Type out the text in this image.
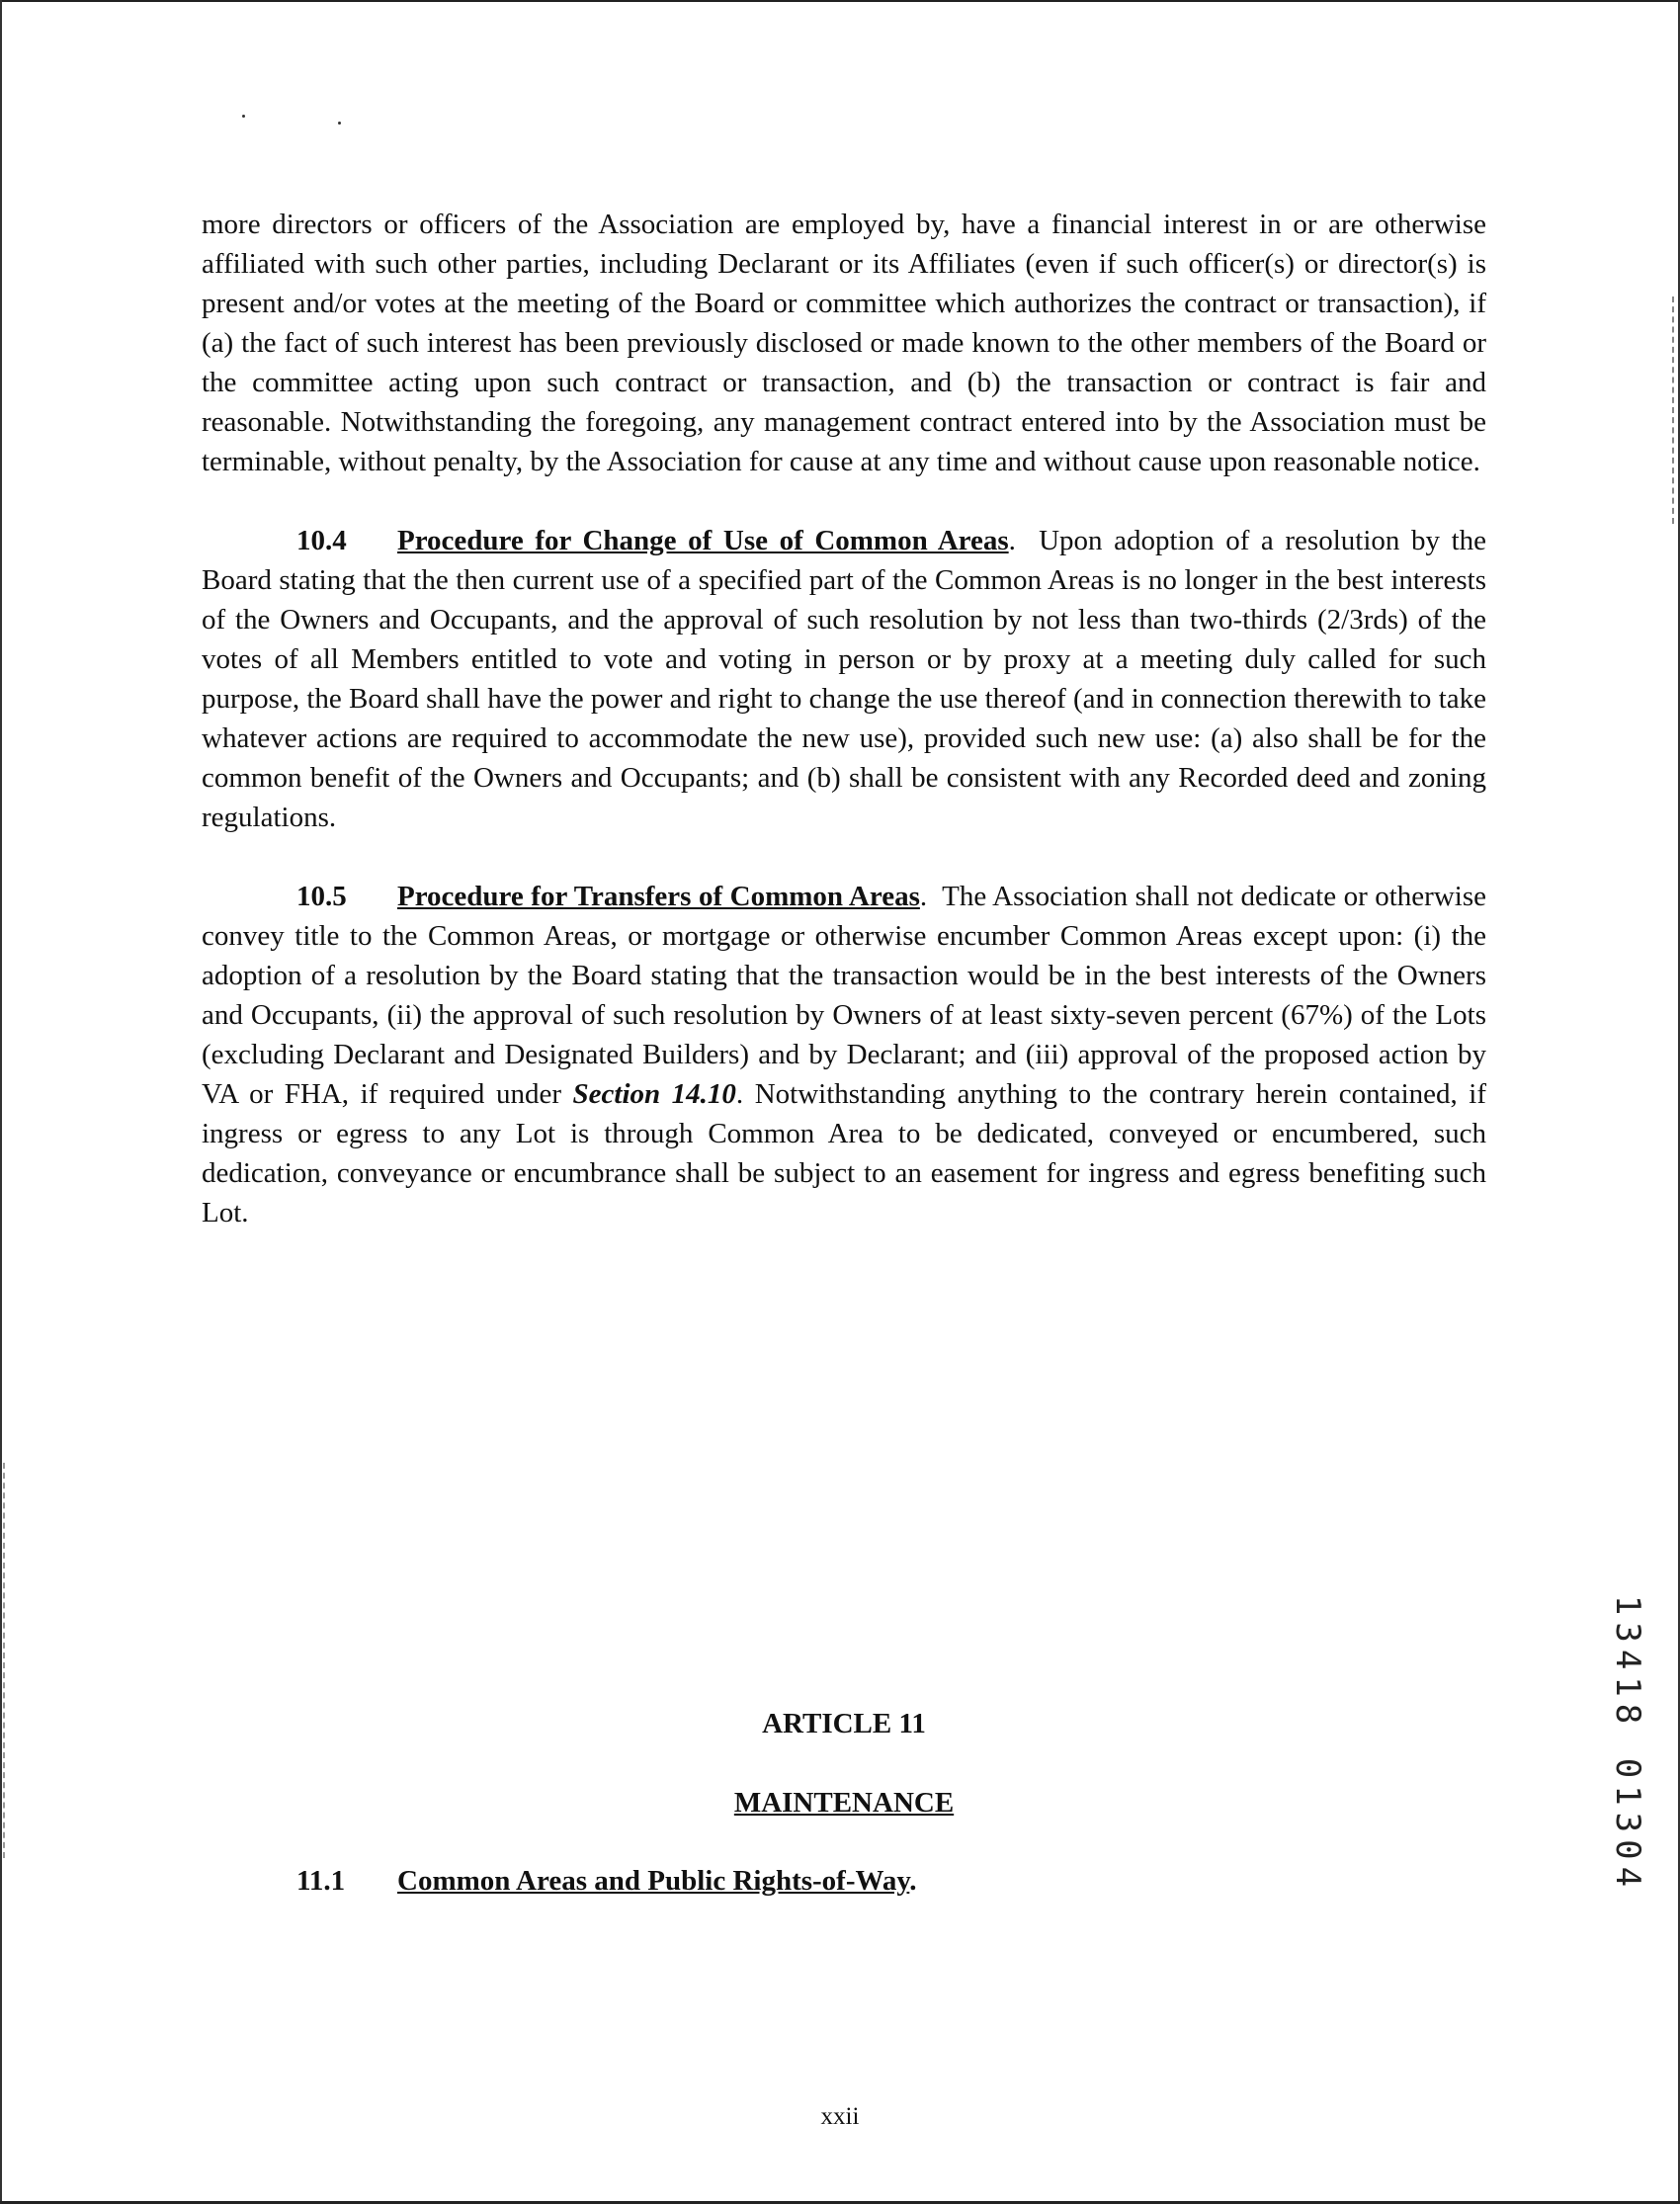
more directors or officers of the Association are employed by, have a financial interest in or are otherwise affiliated with such other parties, including Declarant or its Affiliates (even if such officer(s) or director(s) is present and/or votes at the meeting of the Board or committee which authorizes the contract or transaction), if (a) the fact of such interest has been previously disclosed or made known to the other members of the Board or the committee acting upon such contract or transaction, and (b) the transaction or contract is fair and reasonable. Notwithstanding the foregoing, any management contract entered into by the Association must be terminable, without penalty, by the Association for cause at any time and without cause upon reasonable notice.

10.4 Procedure for Change of Use of Common Areas. Upon adoption of a resolution by the Board stating that the then current use of a specified part of the Common Areas is no longer in the best interests of the Owners and Occupants, and the approval of such resolution by not less than two-thirds (2/3rds) of the votes of all Members entitled to vote and voting in person or by proxy at a meeting duly called for such purpose, the Board shall have the power and right to change the use thereof (and in connection therewith to take whatever actions are required to accommodate the new use), provided such new use: (a) also shall be for the common benefit of the Owners and Occupants; and (b) shall be consistent with any Recorded deed and zoning regulations.

10.5 Procedure for Transfers of Common Areas. The Association shall not dedicate or otherwise convey title to the Common Areas, or mortgage or otherwise encumber Common Areas except upon: (i) the adoption of a resolution by the Board stating that the transaction would be in the best interests of the Owners and Occupants, (ii) the approval of such resolution by Owners of at least sixty-seven percent (67%) of the Lots (excluding Declarant and Designated Builders) and by Declarant; and (iii) approval of the proposed action by VA or FHA, if required under Section 14.10. Notwithstanding anything to the contrary herein contained, if ingress or egress to any Lot is through Common Area to be dedicated, conveyed or encumbered, such dedication, conveyance or encumbrance shall be subject to an easement for ingress and egress benefiting such Lot.

ARTICLE 11
MAINTENANCE
11.1 Common Areas and Public Rights-of-Way.
xxii
13418 01304
